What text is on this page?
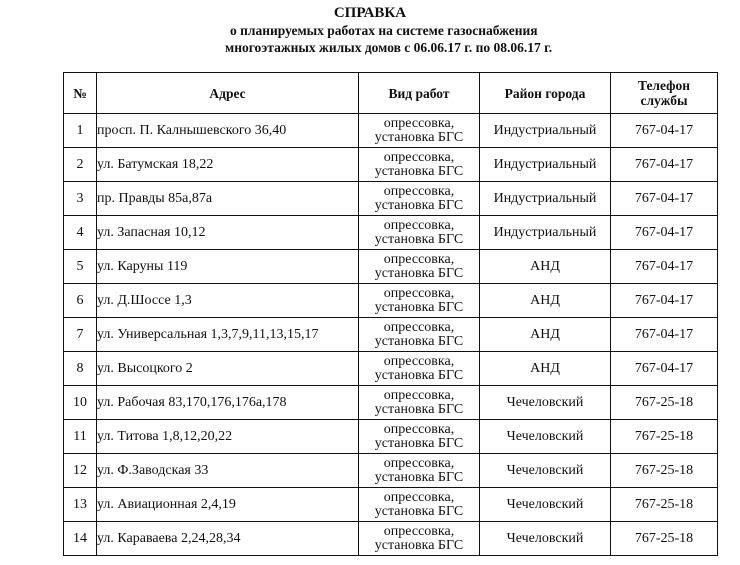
СПРАВКА
о планируемых работах на системе газоснабжения
многоэтажных жилых домов с 06.06.17 г. по 08.06.17 г.
№	Адрес	Вид работ	Район города	Телефон
службы

1	просп. П. Калнышевского 36,40	опрессовка,
установка БГС	Индустриальный	767-04-17
2	ул. Батумская 18,22	опрессовка,
установка БГС	Индустриальный	767-04-17
3	пр. Правды 85а,87а	опрессовка,
установка БГС	Индустриальный	767-04-17
4	ул. Запасная 10,12	опрессовка,
установка БГС	Индустриальный	767-04-17
5	ул. Каруны 119	опрессовка,
установка БГС	АНД	767-04-17
6	ул. Д.Шоссе 1,3	опрессовка,
установка БГС	АНД	767-04-17
7	ул. Универсальная 1,3,7,9,11,13,15,17	опрессовка,
установка БГС	АНД	767-04-17
8	ул. Высоцкого 2	опрессовка,
установка БГС	АНД	767-04-17
10	ул. Рабочая 83,170,176,176а,178	опрессовка,
установка БГС	Чечеловский	767-25-18
11	ул. Титова 1,8,12,20,22	опрессовка,
установка БГС	Чечеловский	767-25-18
12	ул. Ф.Заводская 33	опрессовка,
установка БГС	Чечеловский	767-25-18
13	ул. Авиационная 2,4,19	опрессовка,
установка БГС	Чечеловский	767-25-18
14	ул. Караваева 2,24,28,34	опрессовка,
установка БГС	Чечеловский	767-25-18
